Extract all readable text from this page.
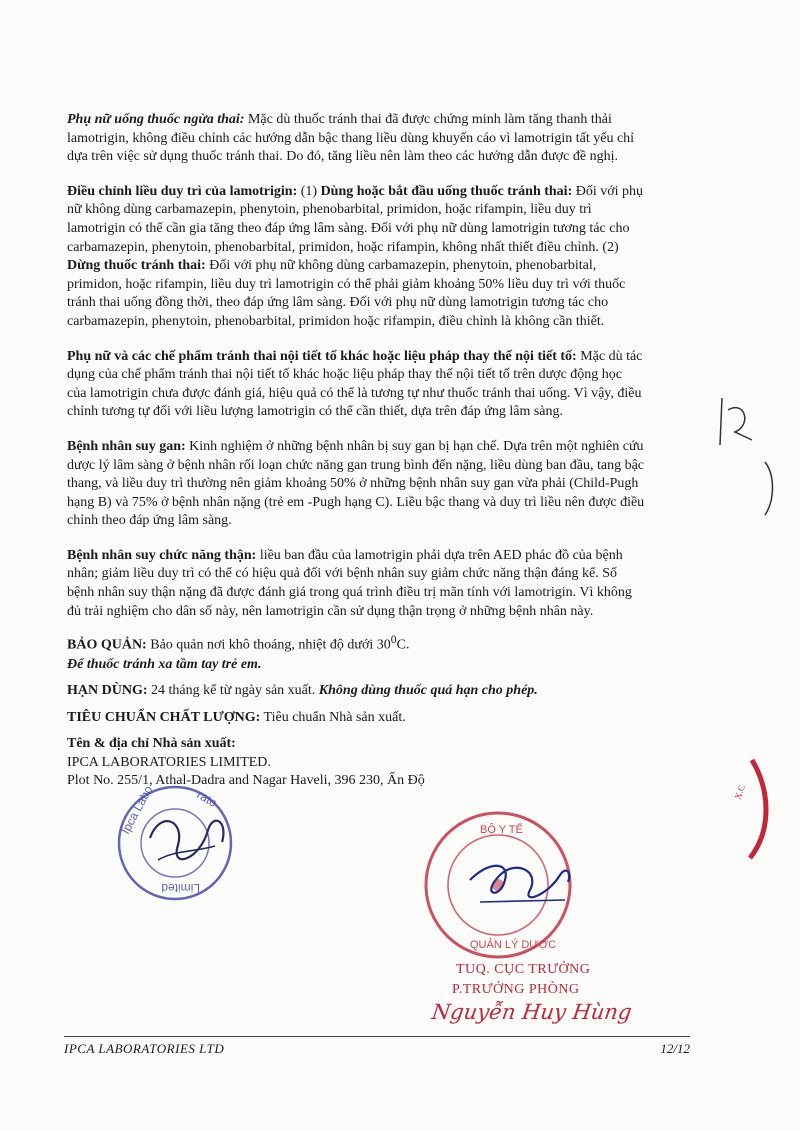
Phụ nữ uống thuốc ngừa thai: Mặc dù thuốc tránh thai đã được chứng minh làm tăng thanh thải
lamotrigin, không điều chỉnh các hướng dẫn bậc thang liều dùng khuyến cáo vì lamotrigin tất yếu chỉ
dựa trên việc sử dụng thuốc tránh thai. Do đó, tăng liều nên làm theo các hướng dẫn được đề nghị.
Điều chỉnh liều duy trì của lamotrigin: (1) Dùng hoặc bắt đầu uống thuốc tránh thai: Đối với phụ
nữ không dùng carbamazepin, phenytoin, phenobarbital, primidon, hoặc rifampin, liều duy trì
lamotrigin có thể cần gia tăng theo đáp ứng lâm sàng. Đối với phụ nữ dùng lamotrigin tương tác cho
carbamazepin, phenytoin, phenobarbital, primidon, hoặc rifampin, không nhất thiết điều chỉnh. (2)
Dừng thuốc tránh thai: Đối với phụ nữ không dùng carbamazepin, phenytoin, phenobarbital,
primidon, hoặc rifampin, liều duy trì lamotrigin có thể phải giảm khoảng 50% liều duy trì với thuốc
tránh thai uống đồng thời, theo đáp ứng lâm sàng. Đối với phụ nữ dùng lamotrigin tương tác cho
carbamazepin, phenytoin, phenobarbital, primidon hoặc rifampin, điều chỉnh là không cần thiết.
Phụ nữ và các chế phẩm tránh thai nội tiết tố khác hoặc liệu pháp thay thế nội tiết tố: Mặc dù tác
dụng của chế phẩm tránh thai nội tiết tố khác hoặc liệu pháp thay thế nội tiết tố trên dược động học
của lamotrigin chưa được đánh giá, hiệu quả có thể là tương tự như thuốc tránh thai uống. Vì vậy, điều
chỉnh tương tự đối với liều lượng lamotrigin có thể cần thiết, dựa trên đáp ứng lâm sàng.
Bệnh nhân suy gan: Kinh nghiệm ở những bệnh nhân bị suy gan bị hạn chế. Dựa trên một nghiên cứu
dược lý lâm sàng ở bệnh nhân rối loạn chức năng gan trung bình đến nặng, liều dùng ban đầu, tang bậc
thang, và liều duy trì thường nên giảm khoảng 50% ở những bệnh nhân suy gan vừa phải (Child-Pugh
hạng B) và 75% ở bệnh nhân nặng (trẻ em -Pugh hạng C). Liều bậc thang và duy trì liều nên được điều
chỉnh theo đáp ứng lâm sàng.
Bệnh nhân suy chức năng thận: liều ban đầu của lamotrigin phải dựa trên AED phác đồ của bệnh
nhân; giảm liều duy trì có thể có hiệu quả đối với bệnh nhân suy giảm chức năng thận đáng kể. Số
bệnh nhân suy thận nặng đã được đánh giá trong quá trình điều trị mãn tính với lamotrigin. Vì không
đủ trải nghiệm cho dân số này, nên lamotrigin cần sử dụng thận trọng ở những bệnh nhân này.
BẢO QUẢN: Bảo quản nơi khô thoáng, nhiệt độ dưới $30^0C$.
Để thuốc tránh xa tầm tay trẻ em.
HẠN DÙNG: 24 tháng kể từ ngày sản xuất. Không dùng thuốc quá hạn cho phép.
TIÊU CHUẨN CHẤT LƯỢNG: Tiêu chuẩn Nhà sản xuất.
Tên & địa chỉ Nhà sản xuất:
IPCA LABORATORIES LIMITED.
Plot No. 255/1, Athal-Dadra and Nagar Haveli, 396 230, Ấn Độ
Ipca Labo	rato
Limited
BỘ Y TẾ
QUẢN LÝ DƯỢC
X.C
TUQ. CỤC TRƯỞNG
P.TRƯỞNG PHÒNG
Nguyễn Huy Hùng
IPCA LABORATORIES LTD	12/12
